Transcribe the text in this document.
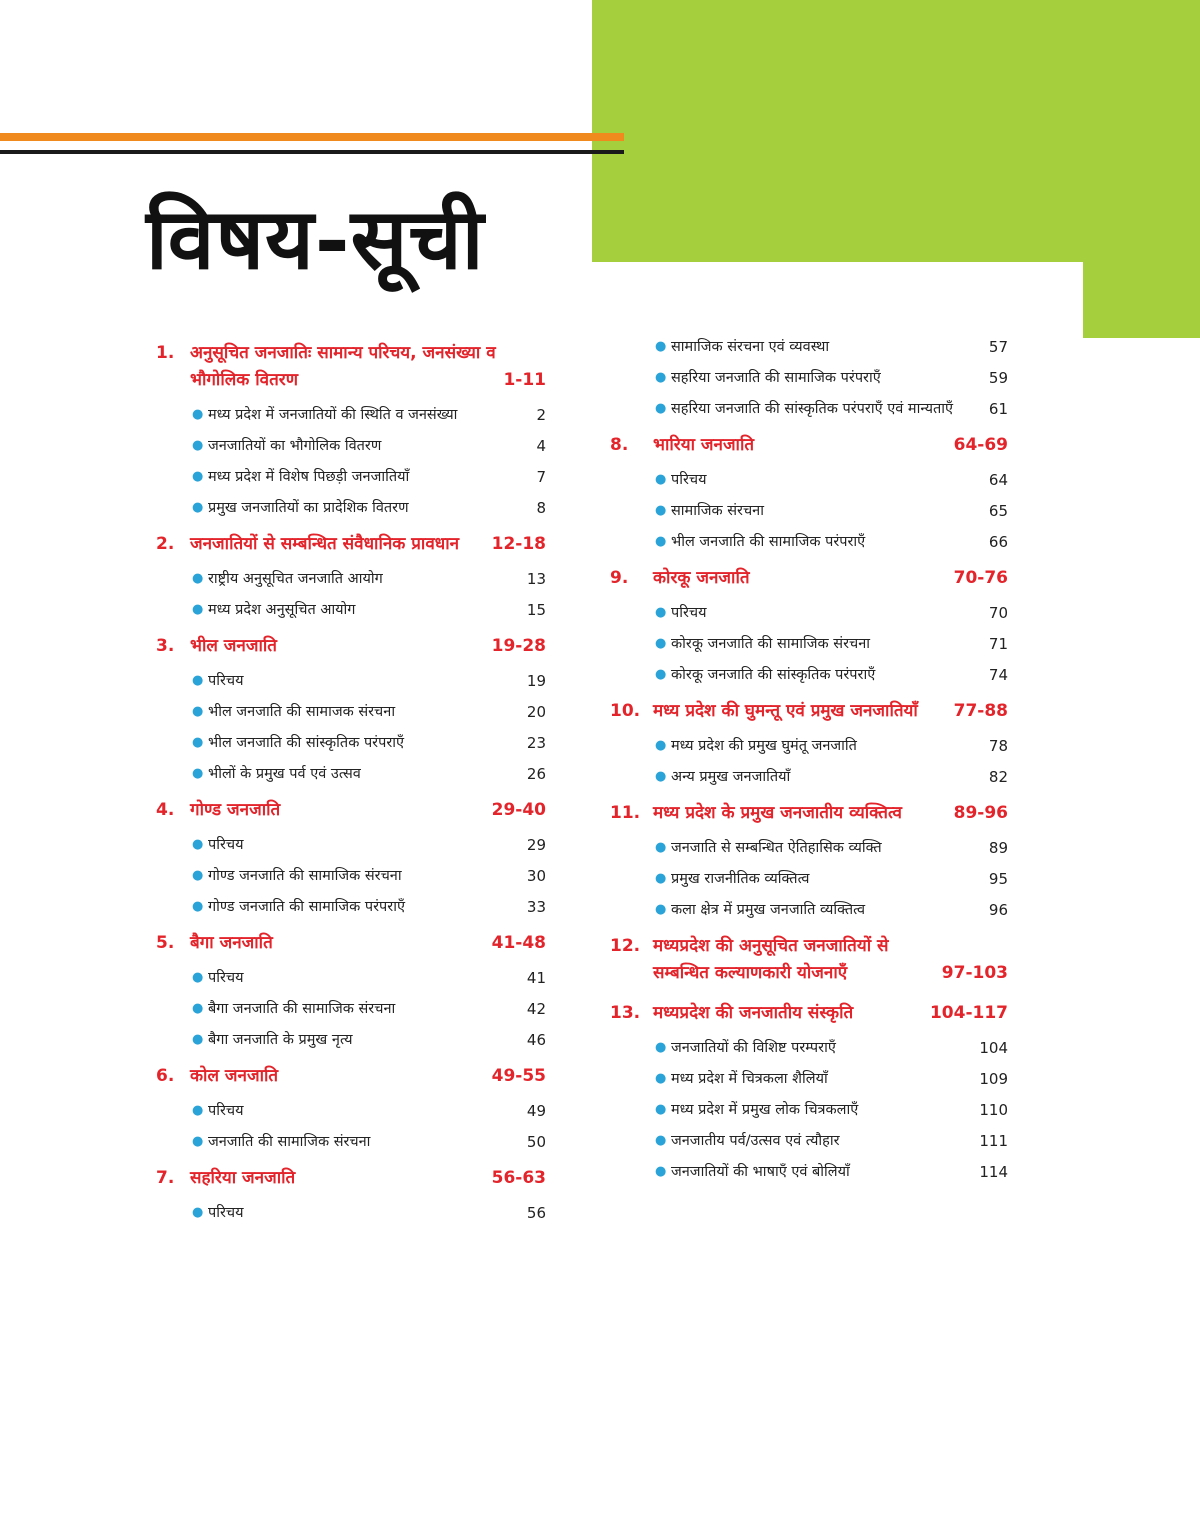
विषय-सूची
1. अनुसूचित जनजातिः सामान्य परिचय, जनसंख्या व भौगोलिक वितरण	1-11
● मध्य प्रदेश में जनजातियों की स्थिति व जनसंख्या	2
● जनजातियों का भौगोलिक वितरण	4
● मध्य प्रदेश में विशेष पिछड़ी जनजातियाँ	7
● प्रमुख जनजातियों का प्रादेशिक वितरण	8
2. जनजातियों से सम्बन्धित संवैधानिक प्रावधान	12-18
● राष्ट्रीय अनुसूचित जनजाति आयोग	13
● मध्य प्रदेश अनुसूचित आयोग	15
3. भील जनजाति	19-28
● परिचय	19
● भील जनजाति की सामाजक संरचना	20
● भील जनजाति की सांस्कृतिक परंपराएँ	23
● भीलों के प्रमुख पर्व एवं उत्सव	26
4. गोण्ड जनजाति	29-40
● परिचय	29
● गोण्ड जनजाति की सामाजिक संरचना	30
● गोण्ड जनजाति की सामाजिक परंपराएँ	33
5. बैगा जनजाति	41-48
● परिचय	41
● बैगा जनजाति की सामाजिक संरचना	42
● बैगा जनजाति के प्रमुख नृत्य	46
6. कोल जनजाति	49-55
● परिचय	49
● जनजाति की सामाजिक संरचना	50
7. सहरिया जनजाति	56-63
● परिचय	56
● सामाजिक संरचना एवं व्यवस्था	57
● सहरिया जनजाति की सामाजिक परंपराएँ	59
● सहरिया जनजाति की सांस्कृतिक परंपराएँ एवं मान्यताएँ	61
8.	भारिया जनजाति	64-69
● परिचय	64
● सामाजिक संरचना	65
● भील जनजाति की सामाजिक परंपराएँ	66
9.	कोरकू जनजाति	70-76
● परिचय	70
● कोरकू जनजाति की सामाजिक संरचना	71
● कोरकू जनजाति की सांस्कृतिक परंपराएँ	74
10. मध्य प्रदेश की घुमन्तू एवं प्रमुख जनजातियाँ	77-88
● मध्य प्रदेश की प्रमुख घुमंतू जनजाति	78
● अन्य प्रमुख जनजातियाँ	82
11. मध्य प्रदेश के प्रमुख जनजातीय व्यक्तित्व	89-96
● जनजाति से सम्बन्धित ऐतिहासिक व्यक्ति	89
● प्रमुख राजनीतिक व्यक्तित्व	95
● कला क्षेत्र में प्रमुख जनजाति व्यक्तित्व	96
12. मध्यप्रदेश की अनुसूचित जनजातियों से सम्बन्धित कल्याणकारी योजनाएँ	97-103
13. मध्यप्रदेश की जनजातीय संस्कृति	104-117
● जनजातियों की विशिष्ट परम्पराएँ	104
● मध्य प्रदेश में चित्रकला शैलियाँ	109
● मध्य प्रदेश में प्रमुख लोक चित्रकलाएँ	110
● जनजातीय पर्व/उत्सव एवं त्यौहार	111
● जनजातियों की भाषाएँ एवं बोलियाँ	114
